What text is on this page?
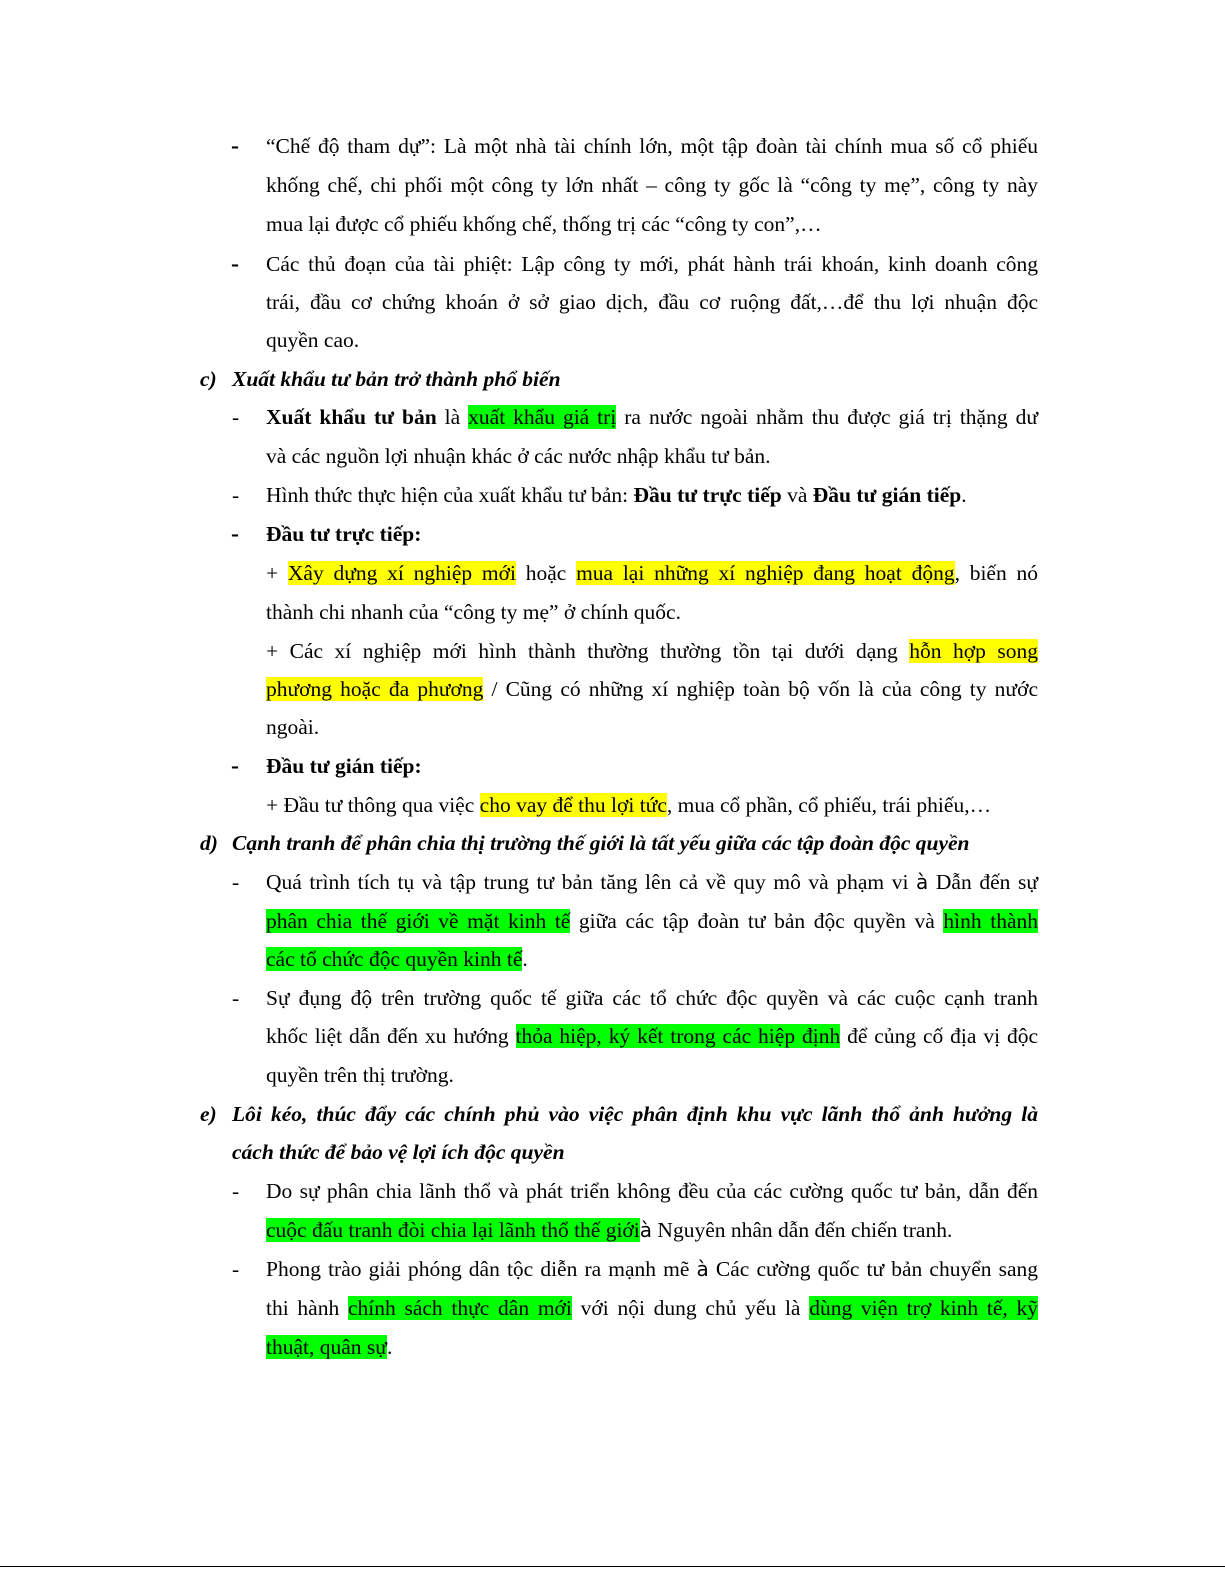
- “Chế độ tham dự”: Là một nhà tài chính lớn, một tập đoàn tài chính mua số cổ phiếu
khống chế, chi phối một công ty lớn nhất – công ty gốc là “công ty mẹ”, công ty này
mua lại được cổ phiếu khống chế, thống trị các “công ty con”,…
- Các thủ đoạn của tài phiệt: Lập công ty mới, phát hành trái khoán, kinh doanh công
trái, đầu cơ chứng khoán ở sở giao dịch, đầu cơ ruộng đất,…để thu lợi nhuận độc
quyền cao.
c) Xuất khẩu tư bản trở thành phổ biến
- Xuất khẩu tư bản là xuất khẩu giá trị ra nước ngoài nhằm thu được giá trị thặng dư
và các nguồn lợi nhuận khác ở các nước nhập khẩu tư bản.
- Hình thức thực hiện của xuất khẩu tư bản: Đầu tư trực tiếp và Đầu tư gián tiếp.
- Đầu tư trực tiếp:
+ Xây dựng xí nghiệp mới hoặc mua lại những xí nghiệp đang hoạt động, biến nó
thành chi nhanh của “công ty mẹ” ở chính quốc.
+ Các xí nghiệp mới hình thành thường thường tồn tại dưới dạng hỗn hợp song
phương hoặc đa phương / Cũng có những xí nghiệp toàn bộ vốn là của công ty nước
ngoài.
- Đầu tư gián tiếp:
+ Đầu tư thông qua việc cho vay để thu lợi tức, mua cổ phần, cổ phiếu, trái phiếu,…
d) Cạnh tranh để phân chia thị trường thế giới là tất yếu giữa các tập đoàn độc quyền
- Quá trình tích tụ và tập trung tư bản tăng lên cả về quy mô và phạm vi à Dẫn đến sự
phân chia thế giới về mặt kinh tế giữa các tập đoàn tư bản độc quyền và hình thành
các tổ chức độc quyền kinh tế.
- Sự đụng độ trên trường quốc tế giữa các tổ chức độc quyền và các cuộc cạnh tranh
khốc liệt dẫn đến xu hướng thỏa hiệp, ký kết trong các hiệp định để củng cố địa vị độc
quyền trên thị trường.
e) Lôi kéo, thúc đẩy các chính phủ vào việc phân định khu vực lãnh thổ ảnh hưởng là
cách thức để bảo vệ lợi ích độc quyền
- Do sự phân chia lãnh thổ và phát triển không đều của các cường quốc tư bản, dẫn đến
cuộc đấu tranh đòi chia lại lãnh thổ thế giớià Nguyên nhân dẫn đến chiến tranh.
- Phong trào giải phóng dân tộc diễn ra mạnh mẽ à Các cường quốc tư bản chuyển sang
thi hành chính sách thực dân mới với nội dung chủ yếu là dùng viện trợ kinh tế, kỹ
thuật, quân sự.
